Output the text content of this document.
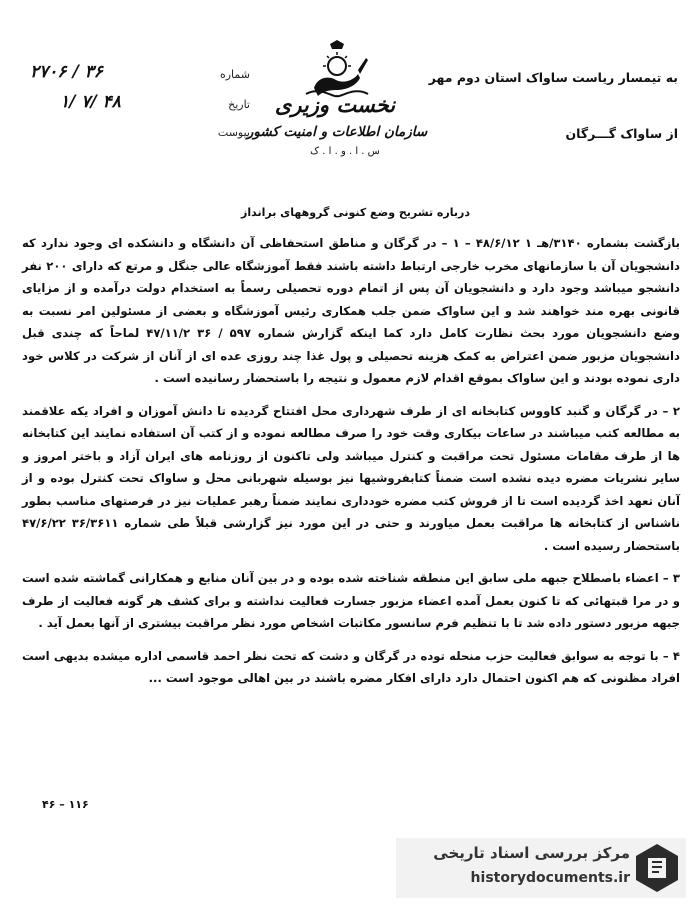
۲۷۰۶ / ۳۶	شماره
۱/ ۷/ ۴۸	تاریخ
پیوست
نخست وزیری
سازمان اطلاعات و امنیت کشور
س . ا . و . ا . ک
به تیمسار ریاست ساواک استان دوم مهر
از ساواک گـــرگان
درباره تشریح وضع کنونی گروههای برانداز

بازگشت بشماره ۳۱۴۰/هـ ۱ ۴۸/۶/۱۲ – ۱ – در گرگان و مناطق استحفاظی آن دانشگاه و دانشکده ای وجود ندارد که دانشجویان آن با سازمانهای مخرب خارجی ارتباط داشته باشند فقط آموزشگاه عالی جنگل و مرتع که دارای ۲۰۰ نفر دانشجو میباشد وجود دارد و دانشجویان آن پس از اتمام دوره تحصیلی رسماً به استخدام دولت درآمده و از مزایای قانونی بهره مند خواهند شد و این ساواک ضمن جلب همکاری رئیس آموزشگاه و بعضی از مسئولین امر نسبت به وضع دانشجویان مورد بحث نظارت کامل دارد کما اینکه گزارش شماره ۵۹۷ / ۳۶ ۴۷/۱۱/۲ لماحاً که چندی قبل دانشجویان مزبور ضمن اعتراض به کمک هزینه تحصیلی و پول غذا چند روزی عده ای از آنان از شرکت در کلاس خود داری نموده بودند و این ساواک بموقع اقدام لازم معمول و نتیجه را باستحضار رسانیده است .

۲ – در گرگان و گنبد کاووس کتابخانه ای از طرف شهرداری محل افتتاح گردیده تا دانش آموزان و افراد یکه علاقمند به مطالعه کتب میباشند در ساعات بیکاری وقت خود را صرف مطالعه نموده و از کتب آن استفاده نمایند این کتابخانه ها از طرف مقامات مسئول تحت مراقبت و کنترل میباشد ولی تاکنون از روزنامه های ایران آزاد و باختر امروز و سایر نشریات مضره دیده نشده است ضمناً کتابفروشیها نیز بوسیله شهربانی محل و ساواک تحت کنترل بوده و از آنان تعهد اخذ گردیده است تا از فروش کتب مضره خودداری نمایند ضمناً رهبر عملیات نیز در فرصتهای مناسب بطور ناشناس از کتابخانه ها مراقبت بعمل میاورند و حتی در این مورد نیز گزارشی قبلاً طی شماره ۳۶/۳۶۱۱ ۴۷/۶/۲۲ باستحضار رسیده است .

۳ – اعضاء باصطلاح جبهه ملی سابق این منطقه شناخته شده بوده و در بین آنان منابع و همکارانی گماشته شده است و در مرا قبتهائی که تا کنون بعمل آمده اعضاء مزبور جسارت فعالیت نداشته و برای کشف هر گونه فعالیت از طرف جبهه مزبور دستور داده شد تا با تنظیم فرم سانسور مکاتبات اشخاص مورد نظر مراقبت بیشتری از آنها بعمل آید .

۴ – با توجه به سوابق فعالیت حزب منحله توده در گرگان و دشت که تحت نظر احمد قاسمی اداره میشده بدیهی است افراد مظنونی که هم اکنون احتمال دارد دارای افکار مضره باشند در بین اهالی موجود است ...

۴۶ – ۱۱۶
مرکز بررسی اسناد تاریخی
historydocuments.ir
